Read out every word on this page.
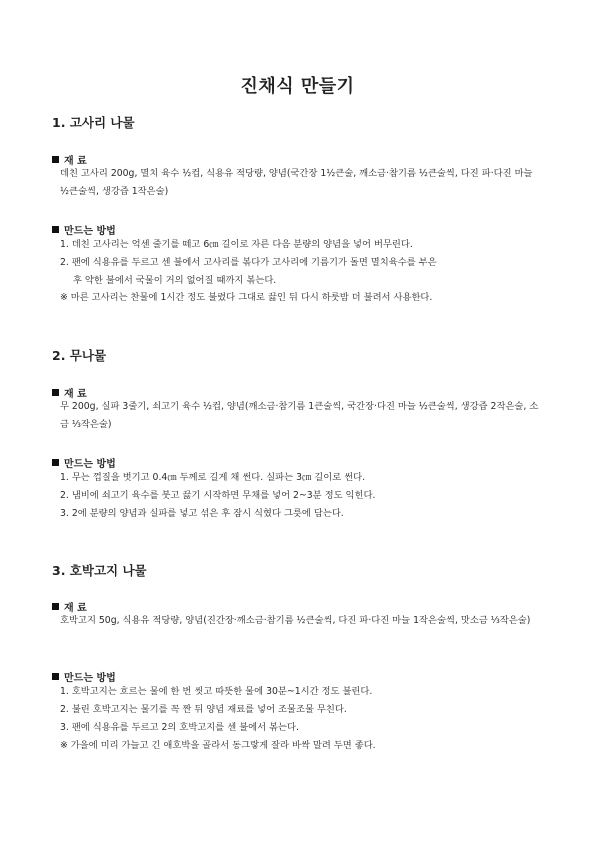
진채식 만들기
1. 고사리 나물
재 료

데친 고사리 200g, 멸치 육수 ½컵, 식용유 적당량, 양념(국간장 1½큰술, 깨소금·참기름 ½큰술씩, 다진 파·다진 마늘 ½큰술씩, 생강즙 1작은술)

만드는 방법
1. 데친 고사리는 억센 줄기를 떼고 6㎝ 길이로 자른 다음 분량의 양념을 넣어 버무린다.
2. 팬에 식용유를 두르고 센 불에서 고사리를 볶다가 고사리에 기름기가 돌면 멸치육수를 부은
후 약한 불에서 국물이 거의 없어질 때까지 볶는다.
※ 마른 고사리는 찬물에 1시간 정도 불렸다 그대로 끓인 뒤 다시 하룻밤 더 불려서 사용한다.
2. 무나물
재 료

무 200g, 실파 3줄기, 쇠고기 육수 ½컵, 양념(깨소금·참기름 1큰술씩, 국간장·다진 마늘 ½큰술씩, 생강즙 2작은술, 소금 ⅓작은술)

만드는 방법
1. 무는 껍질을 벗기고 0.4㎝ 두께로 길게 채 썬다. 실파는 3㎝ 길이로 썬다.
2. 냄비에 쇠고기 육수를 붓고 끓기 시작하면 무채를 넣어 2~3분 정도 익힌다.
3. 2에 분량의 양념과 실파를 넣고 섞은 후 잠시 식혔다 그릇에 담는다.
3. 호박고지 나물
재 료

호박고지 50g, 식용유 적당량, 양념(진간장·깨소금·참기름 ½큰술씩, 다진 파·다진 마늘 1작은술씩, 맛소금 ⅓작은술)

만드는 방법
1. 호박고지는 흐르는 물에 한 번 씻고 따뜻한 물에 30분~1시간 정도 불린다.
2. 불린 호박고지는 물기를 꼭 짠 뒤 양념 재료를 넣어 조물조물 무친다.
3. 팬에 식용유를 두르고 2의 호박고지를 센 불에서 볶는다.
※ 가을에 미리 가늘고 긴 애호박을 골라서 동그랗게 잘라 바싹 말려 두면 좋다.
